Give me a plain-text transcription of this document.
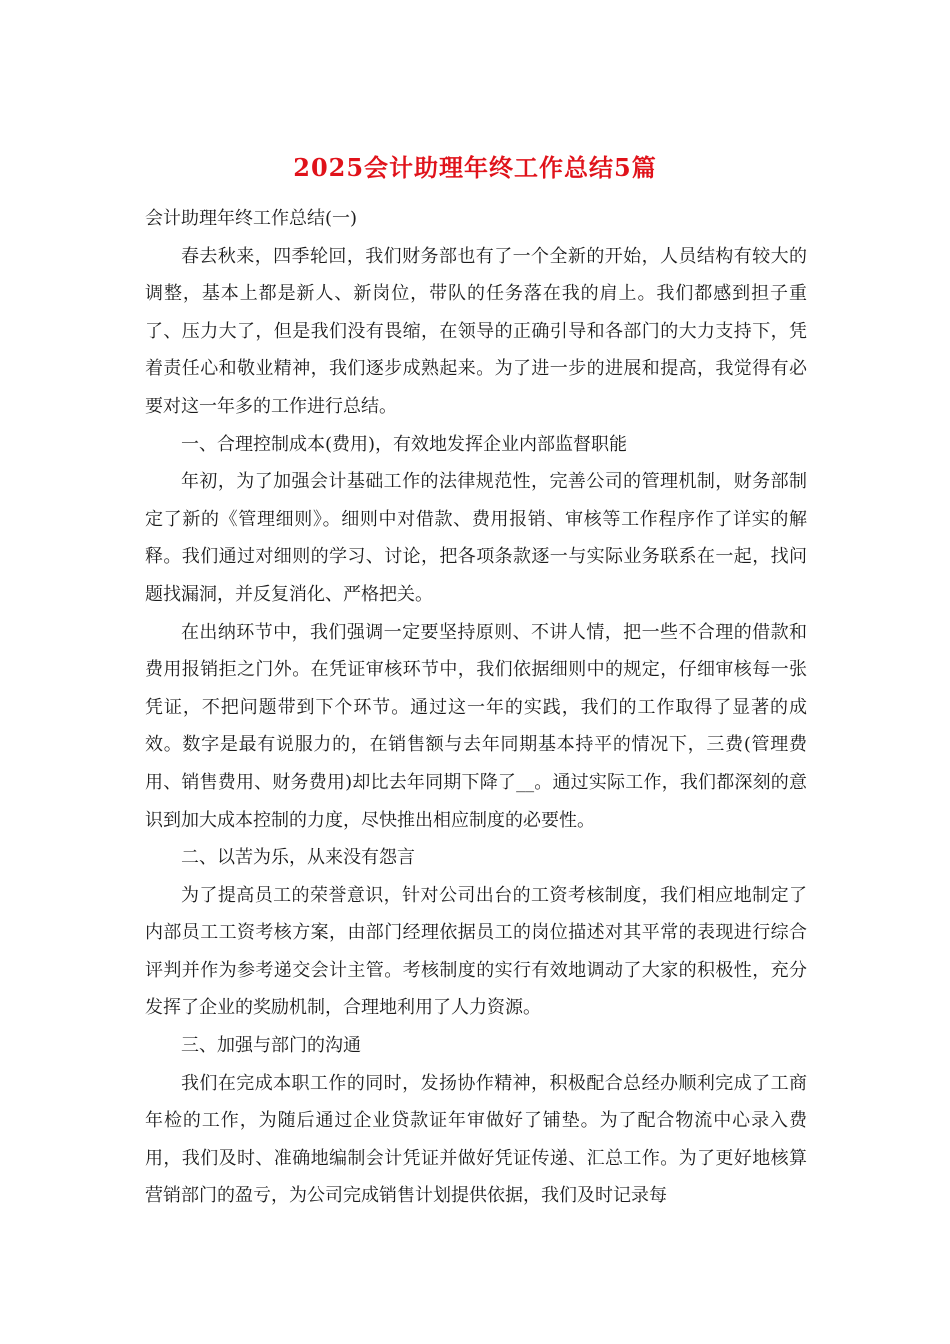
2025会计助理年终工作总结5篇

会计助理年终工作总结(一)

春去秋来，四季轮回，我们财务部也有了一个全新的开始，人员结构有较大的调整，基本上都是新人、新岗位，带队的任务落在我的肩上。我们都感到担子重了、压力大了，但是我们没有畏缩，在领导的正确引导和各部门的大力支持下，凭着责任心和敬业精神，我们逐步成熟起来。为了进一步的进展和提高，我觉得有必要对这一年多的工作进行总结。

一、合理控制成本(费用)，有效地发挥企业内部监督职能

年初，为了加强会计基础工作的法律规范性，完善公司的管理机制，财务部制定了新的《管理细则》。细则中对借款、费用报销、审核等工作程序作了详实的解释。我们通过对细则的学习、讨论，把各项条款逐一与实际业务联系在一起，找问题找漏洞，并反复消化、严格把关。

在出纳环节中，我们强调一定要坚持原则、不讲人情，把一些不合理的借款和费用报销拒之门外。在凭证审核环节中，我们依据细则中的规定，仔细审核每一张凭证，不把问题带到下个环节。通过这一年的实践，我们的工作取得了显著的成效。数字是最有说服力的，在销售额与去年同期基本持平的情况下，三费(管理费用、销售费用、财务费用)却比去年同期下降了__。通过实际工作，我们都深刻的意识到加大成本控制的力度，尽快推出相应制度的必要性。

二、以苦为乐，从来没有怨言

为了提高员工的荣誉意识，针对公司出台的工资考核制度，我们相应地制定了内部员工工资考核方案，由部门经理依据员工的岗位描述对其平常的表现进行综合评判并作为参考递交会计主管。考核制度的实行有效地调动了大家的积极性，充分发挥了企业的奖励机制，合理地利用了人力资源。

三、加强与部门的沟通

我们在完成本职工作的同时，发扬协作精神，积极配合总经办顺利完成了工商年检的工作，为随后通过企业贷款证年审做好了铺垫。为了配合物流中心录入费用，我们及时、准确地编制会计凭证并做好凭证传递、汇总工作。为了更好地核算营销部门的盈亏，为公司完成销售计划提供依据，我们及时记录每
